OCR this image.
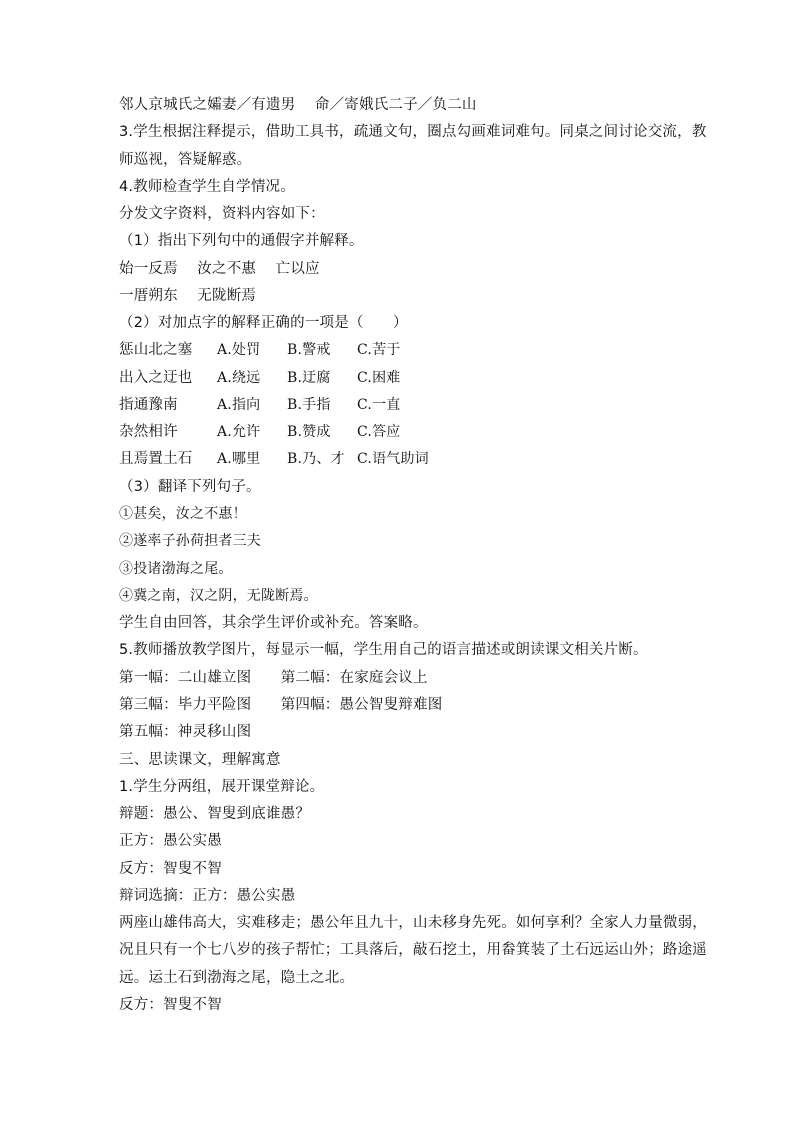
邻人京城氏之孀妻／有遗男　 命／寄娥氏二子／负二山
3.学生根据注释提示，借助工具书，疏通文句，圈点勾画难词难句。同桌之间讨论交流，教
师巡视，答疑解惑。
4.教师检查学生自学情况。
分发文字资料，资料内容如下：
（1）指出下列句中的通假字并解释。
始一反焉　 汝之不惠　 亡以应
一厝朔东　 无陇断焉
（2）对加点字的解释正确的一项是（　　）
惩山北之塞 A.处罚 B.警戒 C.苦于
出入之迂也 A.绕远 B.迂腐 C.困难
指通豫南	A.指向 B.手指 C.一直
杂然相许	A.允许 B.赞成 C.答应
且焉置土石 A.哪里 B.乃、才 C.语气助词
（3）翻译下列句子。
①甚矣，汝之不惠！
②遂率子孙荷担者三夫
③投诸渤海之尾。
④冀之南，汉之阴，无陇断焉。
学生自由回答，其余学生评价或补充。答案略。
5.教师播放教学图片，每显示一幅，学生用自己的语言描述或朗读课文相关片断。
第一幅：二山雄立图　　第二幅：在家庭会议上
第三幅：毕力平险图　　第四幅：愚公智叟辩难图
第五幅：神灵移山图
三、思读课文，理解寓意
1.学生分两组，展开课堂辩论。
辩题：愚公、智叟到底谁愚？
正方：愚公实愚
反方：智叟不智
辩词选摘：正方：愚公实愚
两座山雄伟高大，实难移走；愚公年且九十，山未移身先死。如何享利？全家人力量微弱，
况且只有一个七八岁的孩子帮忙；工具落后，敲石挖土，用畚箕装了土石远运山外；路途遥
远。运土石到渤海之尾，隐土之北。
反方：智叟不智
